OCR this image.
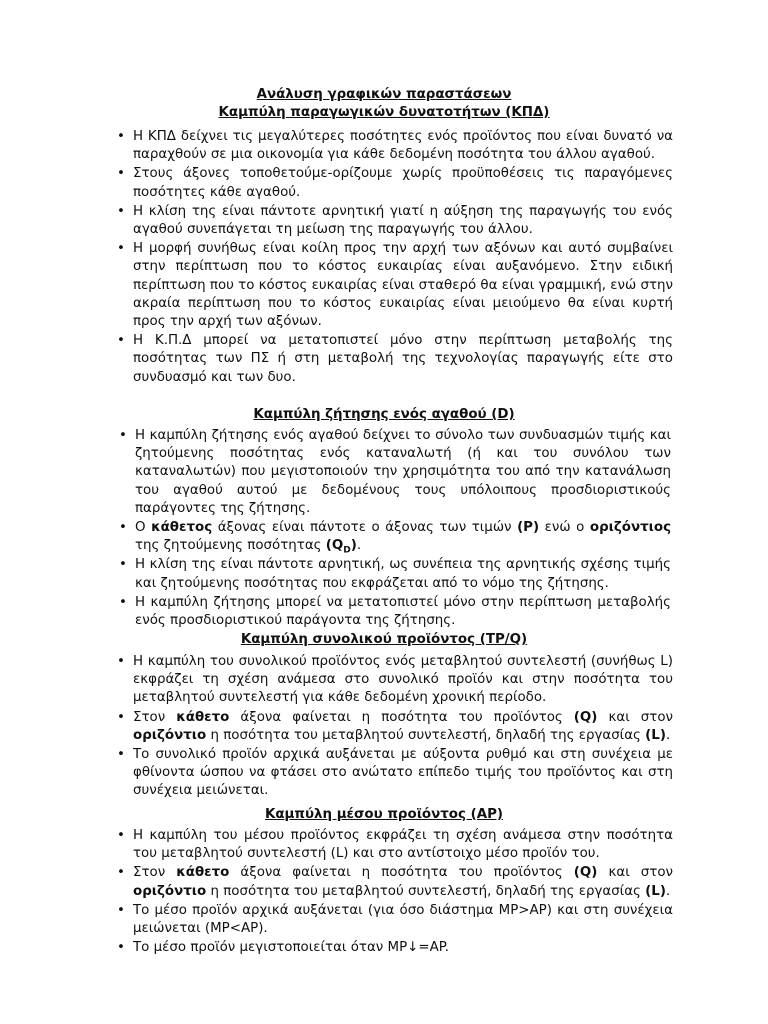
Ανάλυση γραφικών παραστάσεων
Καμπύλη παραγωγικών δυνατοτήτων (ΚΠΔ)
• Η ΚΠΔ δείχνει τις μεγαλύτερες ποσότητες ενός προϊόντος που είναι δυνατό να παραχθούν σε μια οικονομία για κάθε δεδομένη ποσότητα του άλλου αγαθού.
• Στους άξονες τοποθετούμε-ορίζουμε χωρίς προϋποθέσεις τις παραγόμενες ποσότητες κάθε αγαθού.
• Η κλίση της είναι πάντοτε αρνητική γιατί η αύξηση της παραγωγής του ενός αγαθού συνεπάγεται τη μείωση της παραγωγής του άλλου.
• Η μορφή συνήθως είναι κοίλη προς την αρχή των αξόνων και αυτό συμβαίνει στην περίπτωση που το κόστος ευκαιρίας είναι αυξανόμενο. Στην ειδική περίπτωση που το κόστος ευκαιρίας είναι σταθερό θα είναι γραμμική, ενώ στην ακραία περίπτωση που το κόστος ευκαιρίας είναι μειούμενο θα είναι κυρτή προς την αρχή των αξόνων.
• Η Κ.Π.Δ μπορεί να μετατοπιστεί μόνο στην περίπτωση μεταβολής της ποσότητας των ΠΣ ή στη μεταβολή της τεχνολογίας παραγωγής είτε στο συνδυασμό και των δυο.
Καμπύλη ζήτησης ενός αγαθού (D)
• Η καμπύλη ζήτησης ενός αγαθού δείχνει το σύνολο των συνδυασμών τιμής και ζητούμενης ποσότητας ενός καταναλωτή (ή και του συνόλου των καταναλωτών) που μεγιστοποιούν την χρησιμότητα του από την κατανάλωση του αγαθού αυτού με δεδομένους τους υπόλοιπους προσδιοριστικούς παράγοντες της ζήτησης.
• Ο κάθετος άξονας είναι πάντοτε ο άξονας των τιμών (P) ενώ ο οριζόντιος της ζητούμενης ποσότητας $(Q_D)$.
• Η κλίση της είναι πάντοτε αρνητική, ως συνέπεια της αρνητικής σχέσης τιμής και ζητούμενης ποσότητας που εκφράζεται από το νόμο της ζήτησης.
• Η καμπύλη ζήτησης μπορεί να μετατοπιστεί μόνο στην περίπτωση μεταβολής ενός προσδιοριστικού παράγοντα της ζήτησης.
Καμπύλη συνολικού προϊόντος (TP/Q)
• Η καμπύλη του συνολικού προϊόντος ενός μεταβλητού συντελεστή (συνήθως L) εκφράζει τη σχέση ανάμεσα στο συνολικό προϊόν και στην ποσότητα του μεταβλητού συντελεστή για κάθε δεδομένη χρονική περίοδο.
• Στον κάθετο άξονα φαίνεται η ποσότητα του προϊόντος (Q) και στον οριζόντιο η ποσότητα του μεταβλητού συντελεστή, δηλαδή της εργασίας (L).
• Το συνολικό προϊόν αρχικά αυξάνεται με αύξοντα ρυθμό και στη συνέχεια με φθίνοντα ώσπου να φτάσει στο ανώτατο επίπεδο τιμής του προϊόντος και στη συνέχεια μειώνεται.
Καμπύλη μέσου προϊόντος (AP)
• Η καμπύλη του μέσου προϊόντος εκφράζει τη σχέση ανάμεσα στην ποσότητα του μεταβλητού συντελεστή (L) και στο αντίστοιχο μέσο προϊόν του.
• Στον κάθετο άξονα φαίνεται η ποσότητα του προϊόντος (Q) και στον οριζόντιο η ποσότητα του μεταβλητού συντελεστή, δηλαδή της εργασίας (L).
• Το μέσο προϊόν αρχικά αυξάνεται (για όσο διάστημα MP>AP) και στη συνέχεια μειώνεται (MP<AP).
• Το μέσο προϊόν μεγιστοποιείται όταν MP↓=AP.
